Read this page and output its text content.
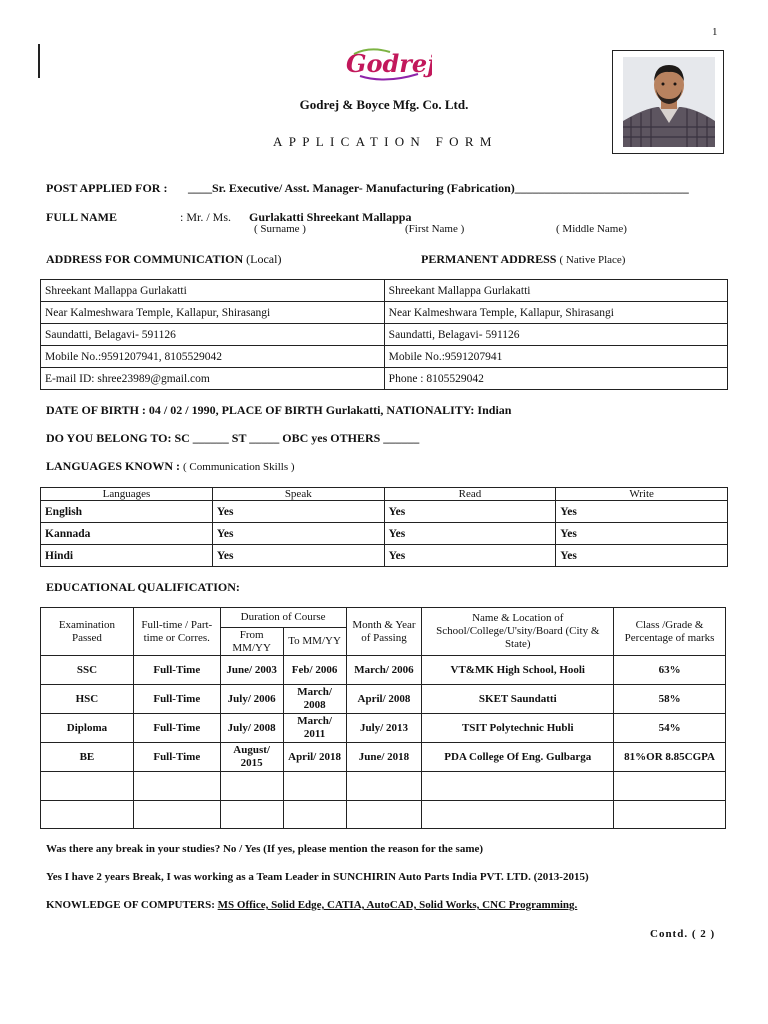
1
Godrej
Godrej & Boyce Mfg. Co. Ltd.
APPLICATION FORM
POST APPLIED FOR : ____Sr. Executive/ Asst. Manager- Manufacturing (Fabrication)_____________________________
FULL NAME	: Mr. / Ms. Gurlakatti Shreekant Mallappa
( Surname )	(First Name )	( Middle Name)
ADDRESS FOR COMMUNICATION (Local)	PERMANENT ADDRESS ( Native Place)
Shreekant Mallappa Gurlakatti	Shreekant Mallappa Gurlakatti
Near Kalmeshwara Temple, Kallapur, Shirasangi	Near Kalmeshwara Temple, Kallapur, Shirasangi
Saundatti, Belagavi- 591126	Saundatti, Belagavi- 591126
Mobile No.:9591207941, 8105529042	Mobile No.:9591207941
E-mail ID: shree23989@gmail.com	Phone : 8105529042
DATE OF BIRTH : 04 / 02 / 1990, PLACE OF BIRTH Gurlakatti, NATIONALITY: Indian
DO YOU BELONG TO: SC ______ ST _____ OBC yes OTHERS ______
LANGUAGES KNOWN : ( Communication Skills )
Languages	Speak	Read	Write
English	Yes	Yes	Yes
Kannada	Yes	Yes	Yes
Hindi	Yes	Yes	Yes
EDUCATIONAL QUALIFICATION:
Examination Passed	Full-time / Part-time or Corres.	Duration of Course		Month & Year of Passing	Name & Location of School/College/U'sity/Board (City & State)	Class /Grade & Percentage of marks
		From MM/YY	To MM/YY			
SSC	Full-Time	June/ 2003	Feb/ 2006	March/ 2006	VT&MK High School, Hooli	63%
HSC	Full-Time	July/ 2006	March/ 2008	April/ 2008	SKET Saundatti	58%
Diploma	Full-Time	July/ 2008	March/ 2011	July/ 2013	TSIT Polytechnic Hubli	54%
BE	Full-Time	August/ 2015	April/ 2018	June/ 2018	PDA College Of Eng. Gulbarga	81%OR 8.85CGPA

Was there any break in your studies? No / Yes (If yes, please mention the reason for the same)
Yes I have 2 years Break, I was working as a Team Leader in SUNCHIRIN Auto Parts India PVT. LTD. (2013-2015)
KNOWLEDGE OF COMPUTERS: MS Office, Solid Edge, CATIA, AutoCAD, Solid Works, CNC Programming.
Contd. ( 2 )
